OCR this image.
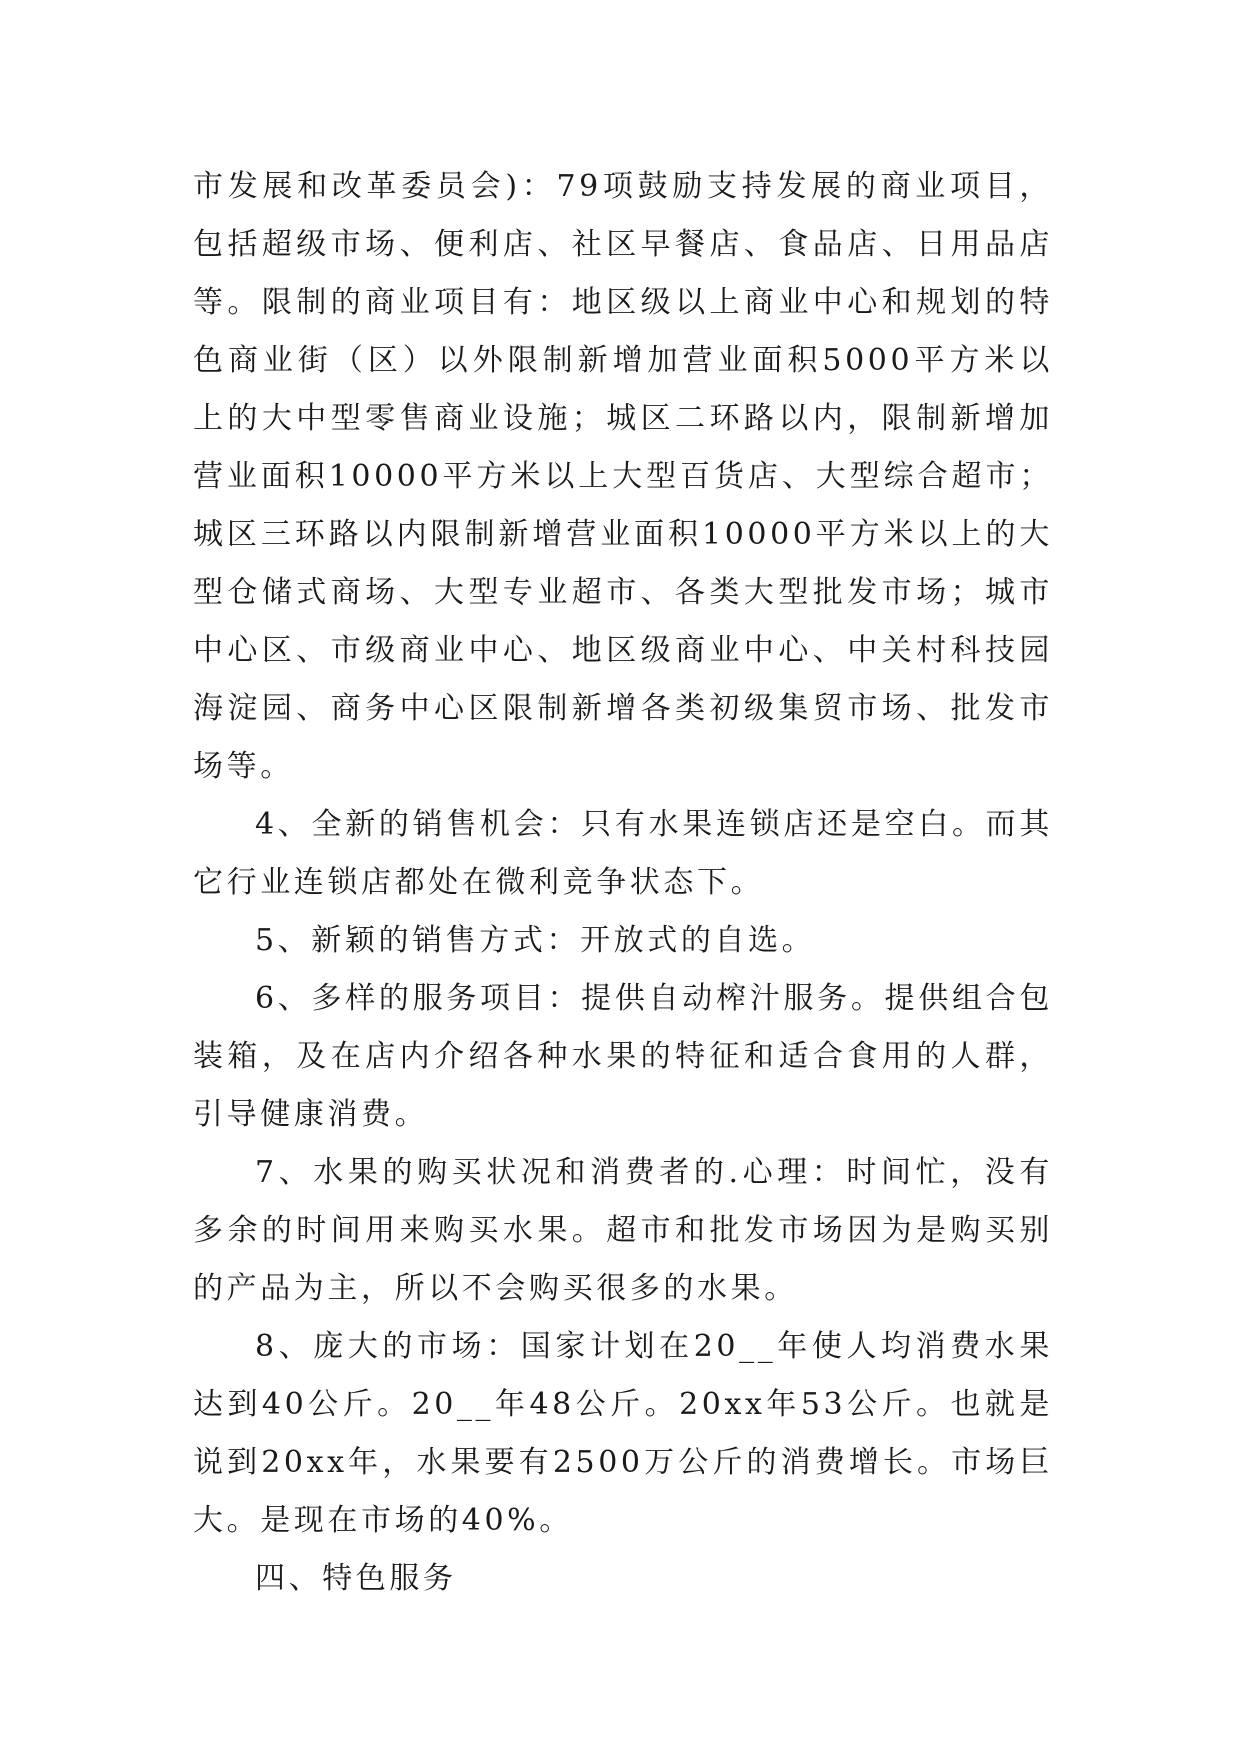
市发展和改革委员会)：79项鼓励支持发展的商业项目，包括超级市场、便利店、社区早餐店、食品店、日用品店等。限制的商业项目有：地区级以上商业中心和规划的特色商业街（区）以外限制新增加营业面积5000平方米以上的大中型零售商业设施；城区二环路以内，限制新增加营业面积10000平方米以上大型百货店、大型综合超市；城区三环路以内限制新增营业面积10000平方米以上的大型仓储式商场、大型专业超市、各类大型批发市场；城市中心区、市级商业中心、地区级商业中心、中关村科技园海淀园、商务中心区限制新增各类初级集贸市场、批发市场等。

4、全新的销售机会：只有水果连锁店还是空白。而其它行业连锁店都处在微利竞争状态下。

5、新颖的销售方式：开放式的自选。

6、多样的服务项目：提供自动榨汁服务。提供组合包装箱，及在店内介绍各种水果的特征和适合食用的人群，引导健康消费。

7、水果的购买状况和消费者的.心理：时间忙，没有多余的时间用来购买水果。超市和批发市场因为是购买别的产品为主，所以不会购买很多的水果。

8、庞大的市场：国家计划在20__年使人均消费水果达到40公斤。20__年48公斤。20xx年53公斤。也就是说到20xx年，水果要有2500万公斤的消费增长。市场巨大。是现在市场的40%。

四、特色服务
